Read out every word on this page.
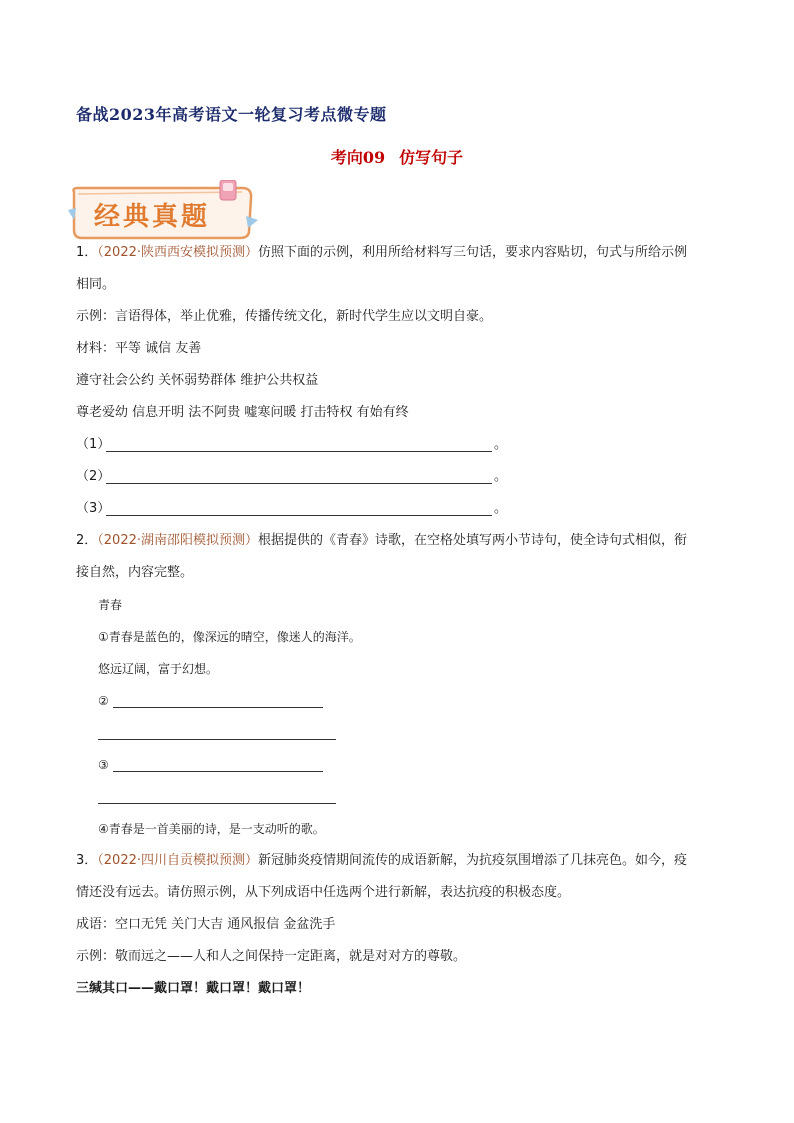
备战2023年高考语文一轮复习考点微专题
考向09 仿写句子
经典真题
1．（2022·陕西西安模拟预测）仿照下面的示例，利用所给材料写三句话，要求内容贴切，句式与所给示例
相同。
示例：言语得体，举止优雅，传播传统文化，新时代学生应以文明自豪。
材料：平等 诚信 友善
遵守社会公约 关怀弱势群体 维护公共权益
尊老爱幼 信息开明 法不阿贵 嘘寒问暖 打击特权 有始有终
（1）	。
（2）	。
（3）	。
2．（2022·湖南邵阳模拟预测）根据提供的《青春》诗歌，在空格处填写两小节诗句，使全诗句式相似，衔
接自然，内容完整。
青春
①青春是蓝色的，像深远的晴空，像迷人的海洋。
悠远辽阔，富于幻想。
②
③
④青春是一首美丽的诗，是一支动听的歌。
3．（2022·四川自贡模拟预测）新冠肺炎疫情期间流传的成语新解，为抗疫氛围增添了几抹亮色。如今，疫
情还没有远去。请仿照示例，从下列成语中任选两个进行新解，表达抗疫的积极态度。
成语：空口无凭 关门大吉 通风报信 金盆洗手
示例：敬而远之——人和人之间保持一定距离，就是对对方的尊敬。
三缄其口——戴口罩！戴口罩！戴口罩！
